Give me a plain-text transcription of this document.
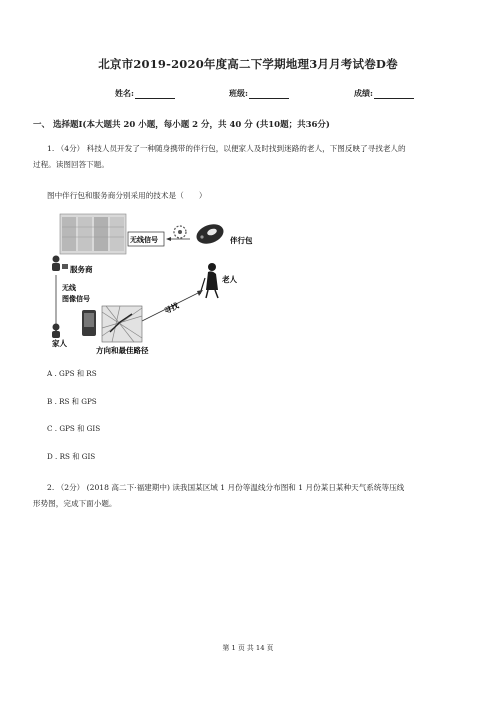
北京市2019-2020年度高二下学期地理3月月考试卷D卷
姓名:	班级:	成绩:
一、 选择题Ⅰ(本大题共 20 小题，每小题 2 分，共 40 分 (共10题；共36分)
1. （4分） 科技人员开发了一种随身携带的伴行包，以便家人及时找到迷路的老人，下图反映了寻找老人的
过程。读图回答下题。
图中伴行包和服务商分别采用的技术是（　　）
无线信号	伴行包
服务商
老人
无线
图像信号
寻找
家人
方向和最佳路径
A . GPS 和 RS
B . RS 和 GPS
C . GPS 和 GIS
D . RS 和 GIS
2. （2分） (2018 高二下·福建期中) 读我国某区域 1 月份等温线分布图和 1 月份某日某种天气系统等压线
形势图，完成下面小题。
第 1 页 共 14 页
